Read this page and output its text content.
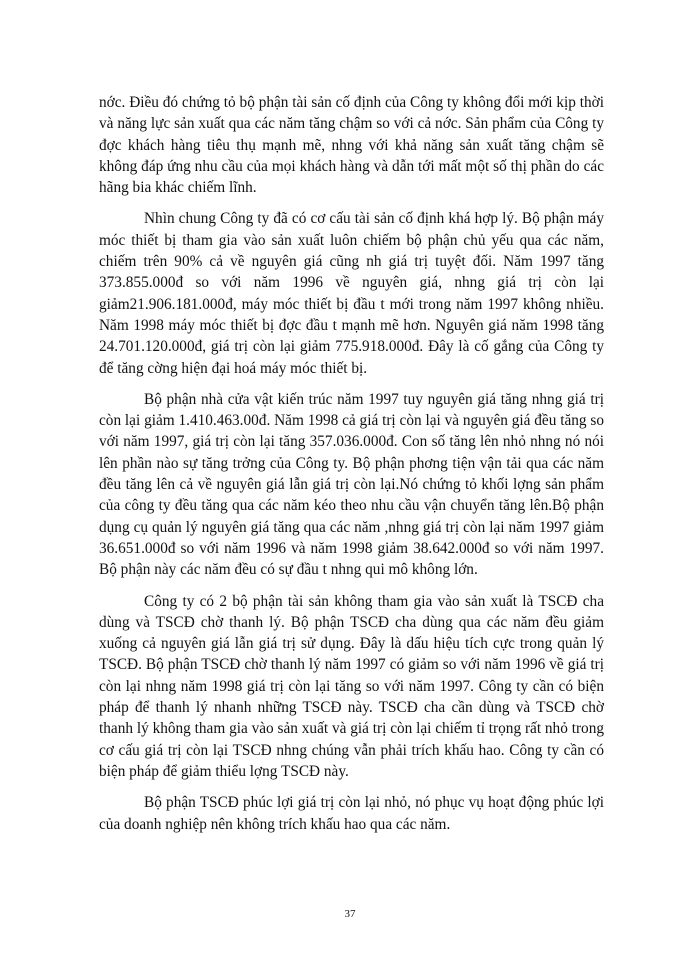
nớc. Điều đó chứng tỏ bộ phận tài sản cố định của Công ty không đổi mới kịp thời và năng lực sản xuất qua các năm tăng chậm so với cả nớc. Sản phẩm của Công ty đợc khách hàng tiêu thụ mạnh mẽ, nhng với khả năng sản xuất tăng chậm sẽ không đáp ứng nhu cầu của mọi khách hàng và dẫn tới mất một số thị phần do các hãng bia khác chiếm lĩnh.

Nhìn chung Công ty đã có cơ cấu tài sản cố định khá hợp lý. Bộ phận máy móc thiết bị tham gia vào sản xuất luôn chiếm bộ phận chủ yếu qua các năm, chiếm trên 90% cả về nguyên giá cũng nh giá trị tuyệt đối. Năm 1997 tăng 373.855.000đ so với năm 1996 về nguyên giá, nhng giá trị còn lại giảm21.906.181.000đ, máy móc thiết bị đầu t mới trong năm 1997 không nhiều. Năm 1998 máy móc thiết bị đợc đầu t mạnh mẽ hơn. Nguyên giá năm 1998 tăng 24.701.120.000đ, giá trị còn lại giảm 775.918.000đ. Đây là cố gắng của Công ty để tăng cờng hiện đại hoá máy móc thiết bị.

Bộ phận nhà cửa vật kiến trúc năm 1997 tuy nguyên giá tăng nhng giá trị còn lại giảm 1.410.463.00đ. Năm 1998 cả giá trị còn lại và nguyên giá đều tăng so với năm 1997, giá trị còn lại tăng 357.036.000đ. Con số tăng lên nhỏ nhng nó nói lên phần nào sự tăng trởng của Công ty. Bộ phận phơng tiện vận tải qua các năm đều tăng lên cả về nguyên giá lẫn giá trị còn lại.Nó chứng tỏ khối lợng sản phẩm của công ty đều tăng qua các năm kéo theo nhu cầu vận chuyển tăng lên.Bộ phận dụng cụ quản lý nguyên giá tăng qua các năm ,nhng giá trị còn lại năm 1997 giảm 36.651.000đ so với năm 1996 và năm 1998 giảm 38.642.000đ so với năm 1997. Bộ phận này các năm đều có sự đầu t nhng qui mô không lớn.

Công ty có 2 bộ phận tài sản không tham gia vào sản xuất là TSCĐ cha dùng và TSCĐ chờ thanh lý. Bộ phận TSCĐ cha dùng qua các năm đều giảm xuống cả nguyên giá lẫn giá trị sử dụng. Đây là dấu hiệu tích cực trong quản lý TSCĐ. Bộ phận TSCĐ chờ thanh lý năm 1997 có giảm so với năm 1996 về giá trị còn lại nhng năm 1998 giá trị còn lại tăng so với năm 1997. Công ty cần có biện pháp để thanh lý nhanh những TSCĐ này. TSCĐ cha cần dùng và TSCĐ chờ thanh lý không tham gia vào sản xuất và giá trị còn lại chiếm tỉ trọng rất nhỏ trong cơ cấu giá trị còn lại TSCĐ nhng chúng vẫn phải trích khấu hao. Công ty cần có biện pháp để giảm thiểu lợng TSCĐ này.

Bộ phận TSCĐ phúc lợi giá trị còn lại nhỏ, nó phục vụ hoạt động phúc lợi của doanh nghiệp nên không trích khấu hao qua các năm.

37
